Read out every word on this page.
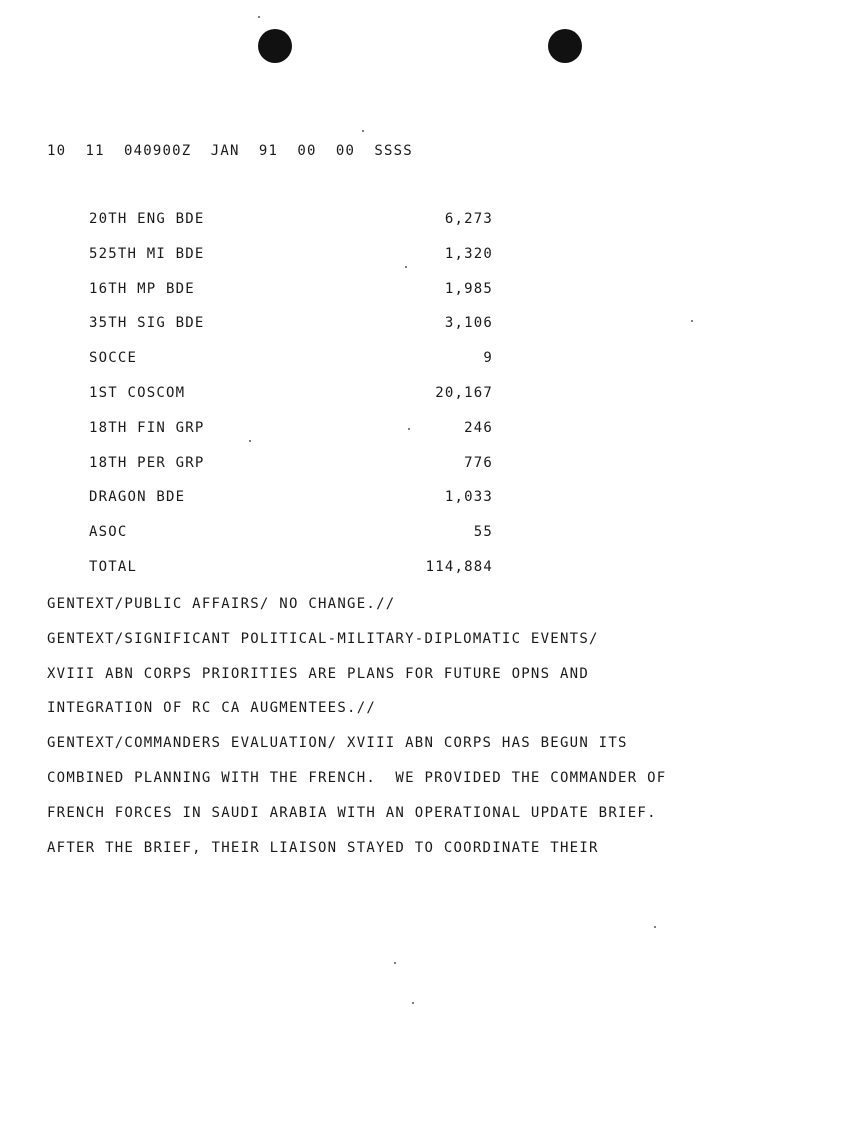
10  11  040900Z  JAN  91  00  00  SSSS
20TH ENG BDE	6,273
525TH MI BDE	1,320
16TH MP BDE	1,985
35TH SIG BDE	3,106
SOCCE	9
1ST COSCOM	20,167
18TH FIN GRP	246
18TH PER GRP	776
DRAGON BDE	1,033
ASOC	55
TOTAL	114,884
GENTEXT/PUBLIC AFFAIRS/ NO CHANGE.//
GENTEXT/SIGNIFICANT POLITICAL-MILITARY-DIPLOMATIC EVENTS/
XVIII ABN CORPS PRIORITIES ARE PLANS FOR FUTURE OPNS AND
INTEGRATION OF RC CA AUGMENTEES.//
GENTEXT/COMMANDERS EVALUATION/ XVIII ABN CORPS HAS BEGUN ITS
COMBINED PLANNING WITH THE FRENCH.  WE PROVIDED THE COMMANDER OF
FRENCH FORCES IN SAUDI ARABIA WITH AN OPERATIONAL UPDATE BRIEF.
AFTER THE BRIEF, THEIR LIAISON STAYED TO COORDINATE THEIR
